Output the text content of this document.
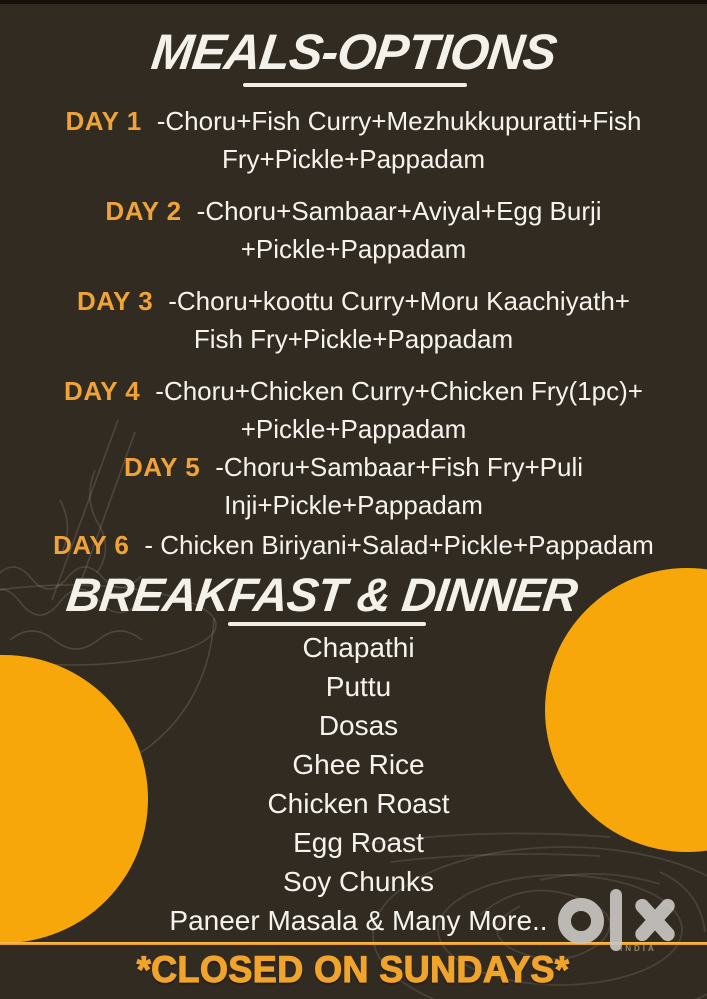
MEALS-OPTIONS
DAY 1 -Choru+Fish Curry+Mezhukkupuratti+Fish
Fry+Pickle+Pappadam
DAY 2 -Choru+Sambaar+Aviyal+Egg Burji
+Pickle+Pappadam
DAY 3 -Choru+koottu Curry+Moru Kaachiyath+
Fish Fry+Pickle+Pappadam
DAY 4 -Choru+Chicken Curry+Chicken Fry(1pc)+
+Pickle+Pappadam
DAY 5 -Choru+Sambaar+Fish Fry+Puli
Inji+Pickle+Pappadam
DAY 6 - Chicken Biriyani+Salad+Pickle+Pappadam
BREAKFAST & DINNER
Chapathi
Puttu
Dosas
Ghee Rice
Chicken Roast
Egg Roast
Soy Chunks
Paneer Masala & Many More..
*CLOSED ON SUNDAYS*
INDIA
